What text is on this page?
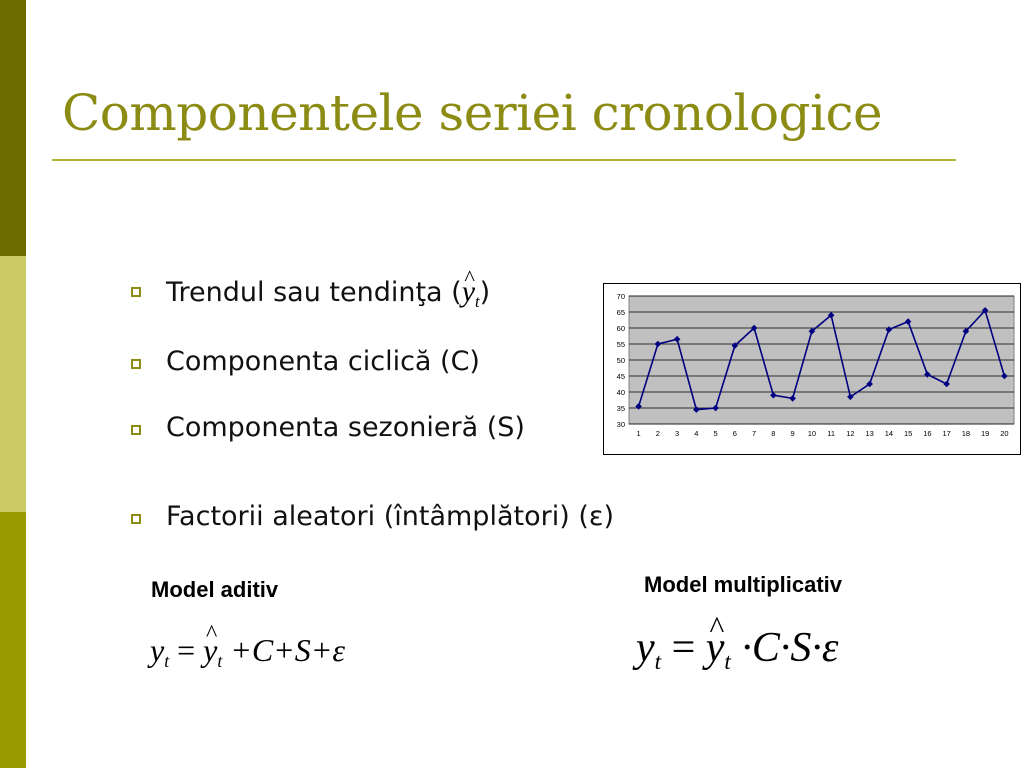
Componentele seriei cronologice
Trendul sau tendinţa (^ $y_t$)
Componenta ciclică (C)
Componenta sezonieră (S)
Factorii aleatori (întâmplători) (ε)
Model aditiv	Model multiplicativ
$y_t$ = ^ $y_t +C+S+\varepsilon$	$y_t$ = ^ $y_t \cdot C\cdot S\cdot\varepsilon$
30
35
40
45
50
55
60
65
70
1 2 3 4 5 6 7 8 9 10 11 12 13 14 15 16 17 18 19 20
